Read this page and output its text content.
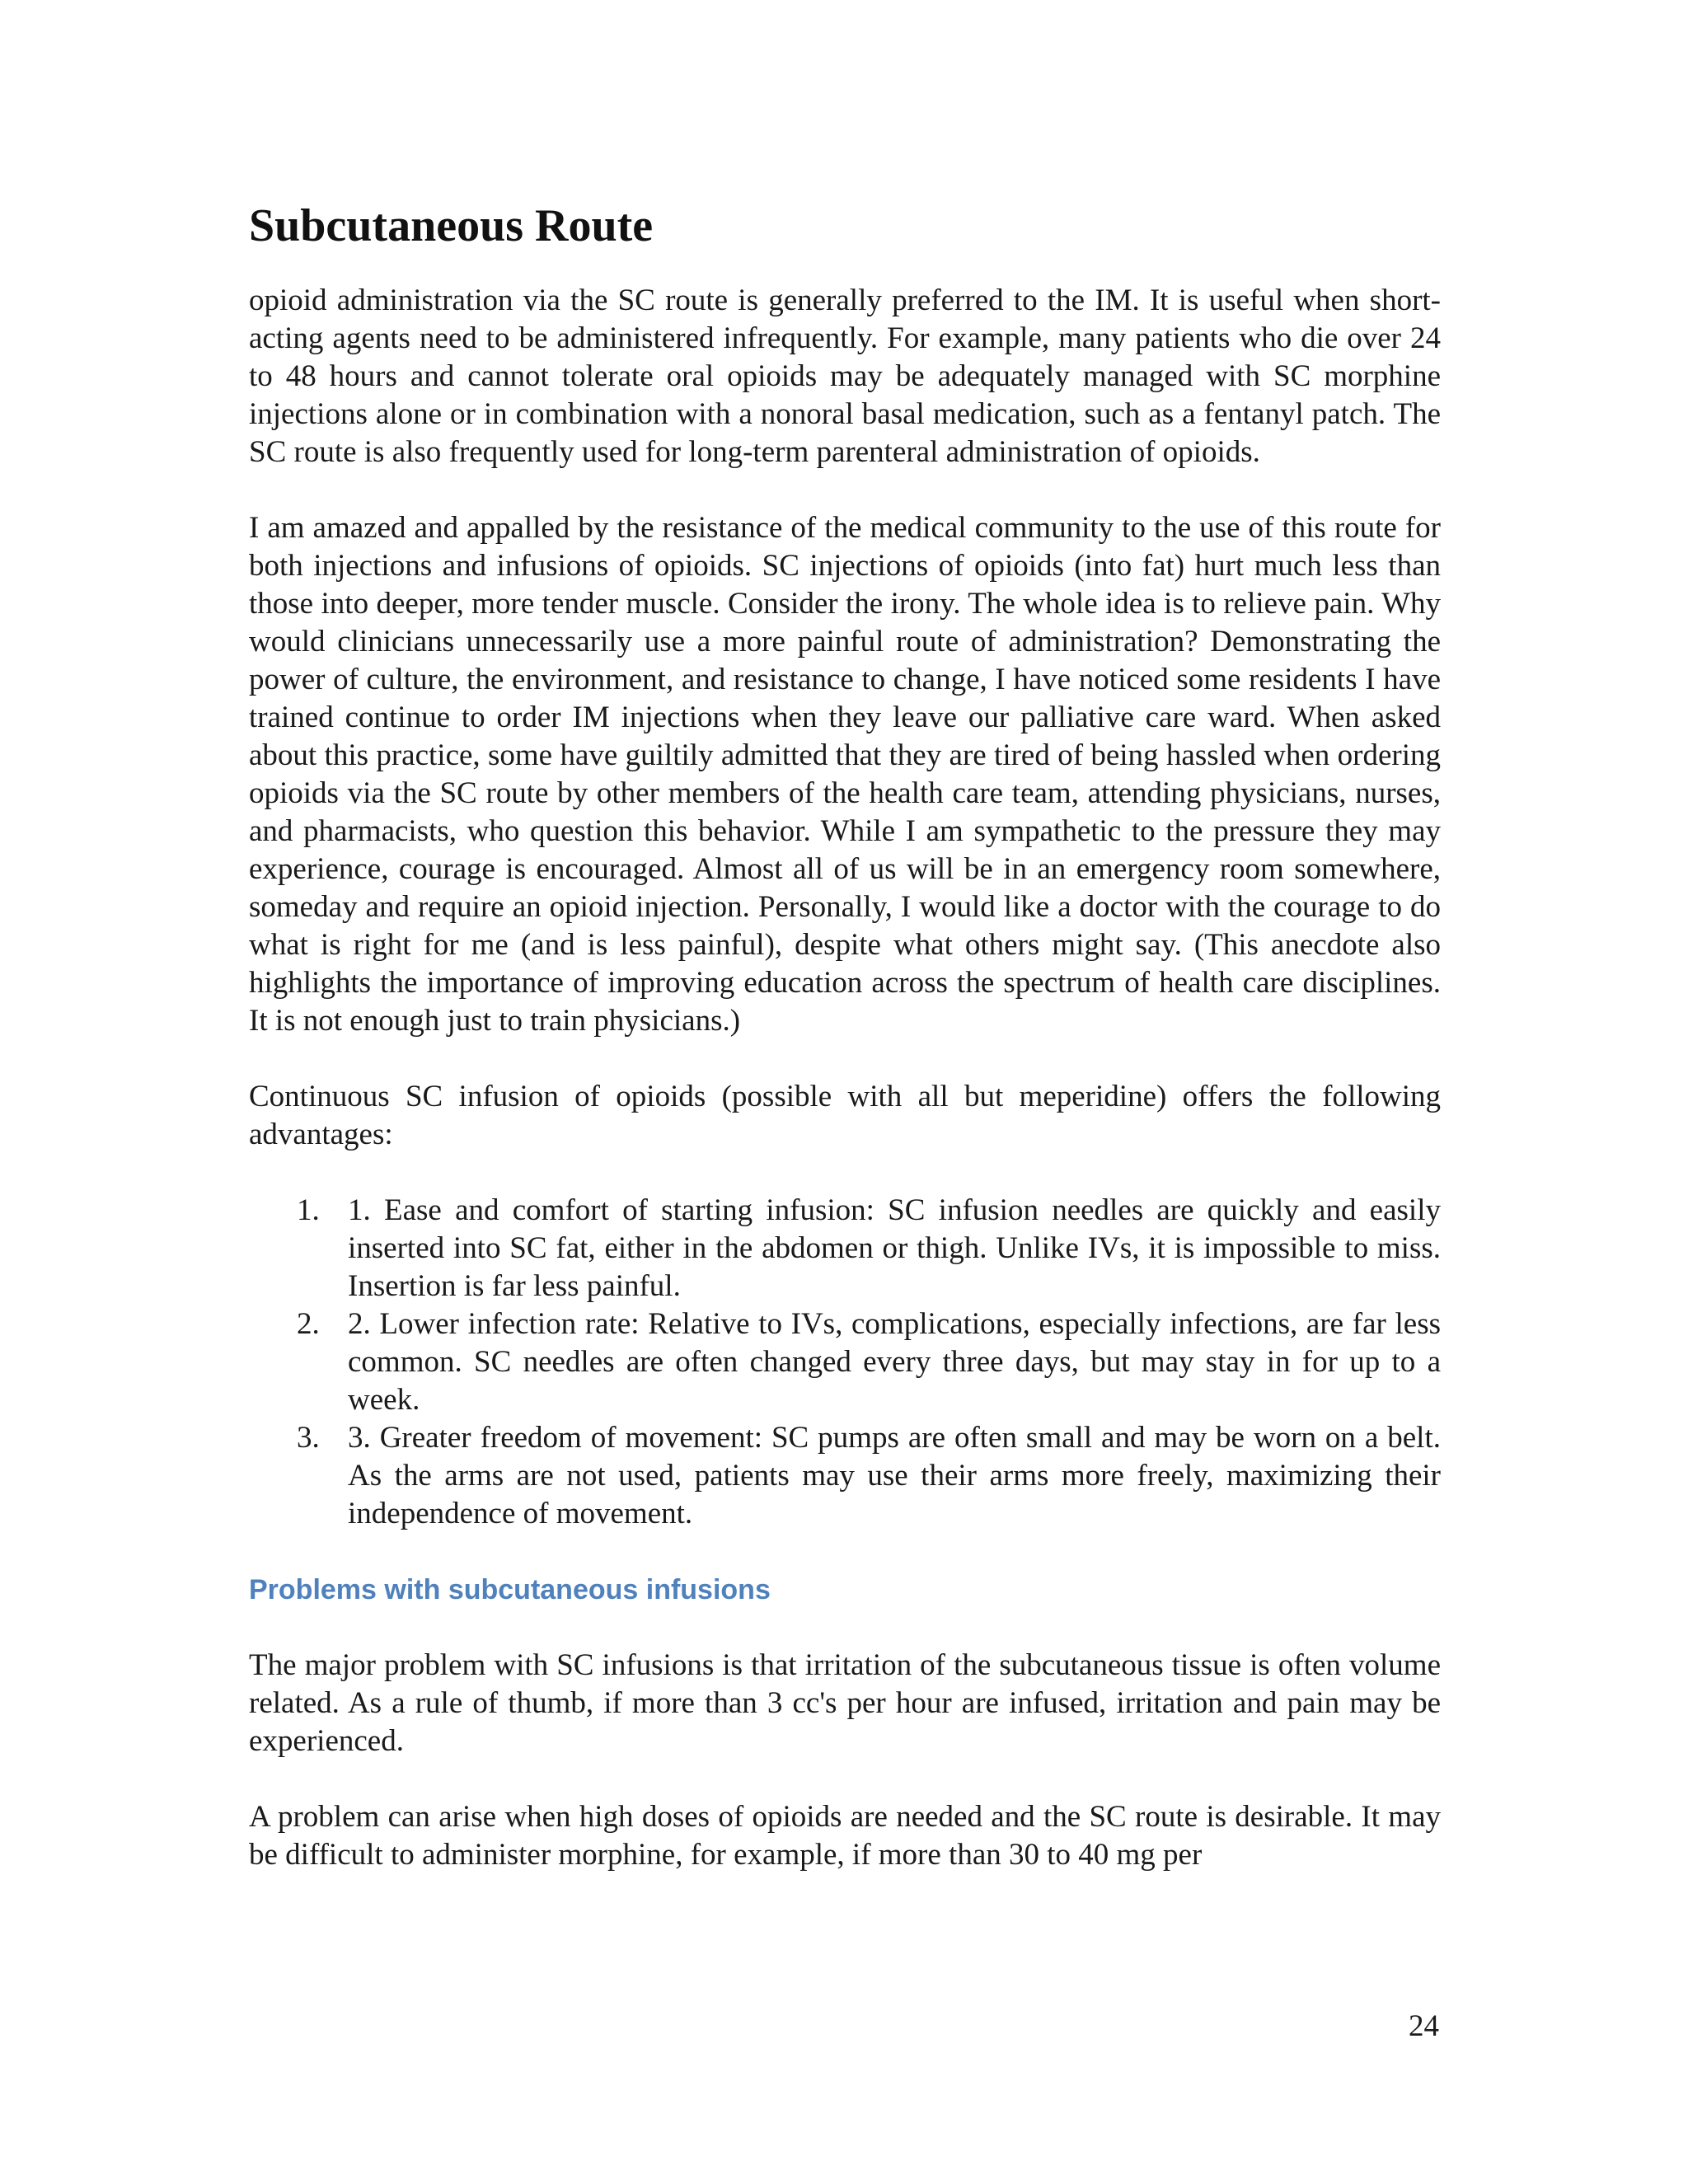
Subcutaneous Route

opioid administration via the SC route is generally preferred to the IM. It is useful when short-acting agents need to be administered infrequently. For example, many patients who die over 24 to 48 hours and cannot tolerate oral opioids may be adequately managed with SC morphine injections alone or in combination with a nonoral basal medication, such as a fentanyl patch. The SC route is also frequently used for long-term parenteral administration of opioids.

I am amazed and appalled by the resistance of the medical community to the use of this route for both injections and infusions of opioids. SC injections of opioids (into fat) hurt much less than those into deeper, more tender muscle. Consider the irony. The whole idea is to relieve pain. Why would clinicians unnecessarily use a more painful route of administration? Demonstrating the power of culture, the environment, and resistance to change, I have noticed some residents I have trained continue to order IM injections when they leave our palliative care ward. When asked about this practice, some have guiltily admitted that they are tired of being hassled when ordering opioids via the SC route by other members of the health care team, attending physicians, nurses, and pharmacists, who question this behavior. While I am sympathetic to the pressure they may experience, courage is encouraged. Almost all of us will be in an emergency room somewhere, someday and require an opioid injection. Personally, I would like a doctor with the courage to do what is right for me (and is less painful), despite what others might say. (This anecdote also highlights the importance of improving education across the spectrum of health care disciplines. It is not enough just to train physicians.)

Continuous SC infusion of opioids (possible with all but meperidine) offers the following advantages:

1. 1. Ease and comfort of starting infusion: SC infusion needles are quickly and easily inserted into SC fat, either in the abdomen or thigh. Unlike IVs, it is impossible to miss. Insertion is far less painful.
2. 2. Lower infection rate: Relative to IVs, complications, especially infections, are far less common. SC needles are often changed every three days, but may stay in for up to a week.
3. 3. Greater freedom of movement: SC pumps are often small and may be worn on a belt. As the arms are not used, patients may use their arms more freely, maximizing their independence of movement.
Problems with subcutaneous infusions

The major problem with SC infusions is that irritation of the subcutaneous tissue is often volume related. As a rule of thumb, if more than 3 cc's per hour are infused, irritation and pain may be experienced.

A problem can arise when high doses of opioids are needed and the SC route is desirable. It may be difficult to administer morphine, for example, if more than 30 to 40 mg per

24
